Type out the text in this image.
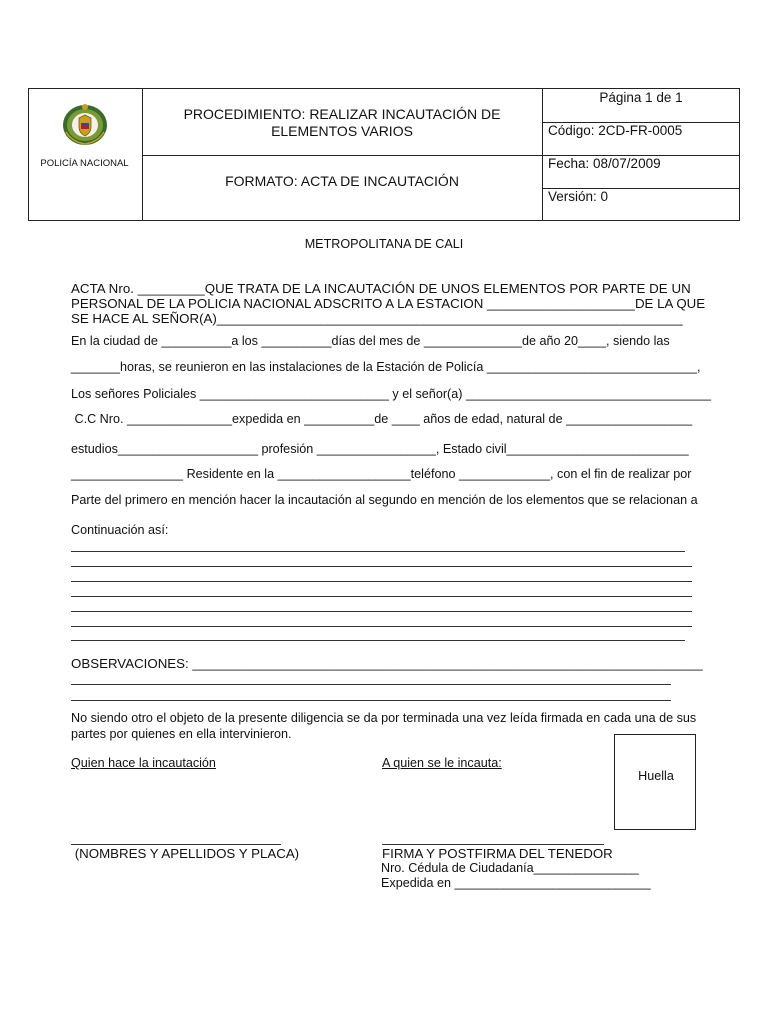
POLICÍA NACIONAL
PROCEDIMIENTO: REALIZAR INCAUTACIÓN DE
ELEMENTOS VARIOS
FORMATO: ACTA DE INCAUTACIÓN
Página 1 de 1
Código: 2CD-FR-0005
Fecha: 08/07/2009
Versión: 0
METROPOLITANA DE CALI
ACTA Nro. _________QUE TRATA DE LA INCAUTACIÓN DE UNOS ELEMENTOS POR PARTE DE UN
PERSONAL DE LA POLICIA NACIONAL ADSCRITO A LA ESTACION ____________________DE LA QUE
SE HACE AL SEÑOR(A)_______________________________________________________________
En la ciudad de __________a los __________días del mes de ______________de año 20____, siendo las
_______horas, se reunieron en las instalaciones de la Estación de Policía ______________________________,
Los señores Policiales ___________________________ y el señor(a) ___________________________________
C.C Nro. _______________expedida en __________de ____ años de edad, natural de __________________
estudios____________________ profesión _________________, Estado civil__________________________
________________ Residente en la ___________________teléfono _____________, con el fin de realizar por
Parte del primero en mención hacer la incautación al segundo en mención de los elementos que se relacionan a
Continuación así:
OBSERVACIONES: _____________________________________________________________________
No siendo otro el objeto de la presente diligencia se da por terminada una vez leída firmada en cada una de sus
partes por quienes en ella intervinieron.
Quien hace la incautación	A quien se le incauta:
Huella
(NOMBRES Y APELLIDOS Y PLACA)	FIRMA Y POSTFIRMA DEL TENEDOR
Nro. Cédula de Ciudadanía_______________
Expedida en ____________________________
